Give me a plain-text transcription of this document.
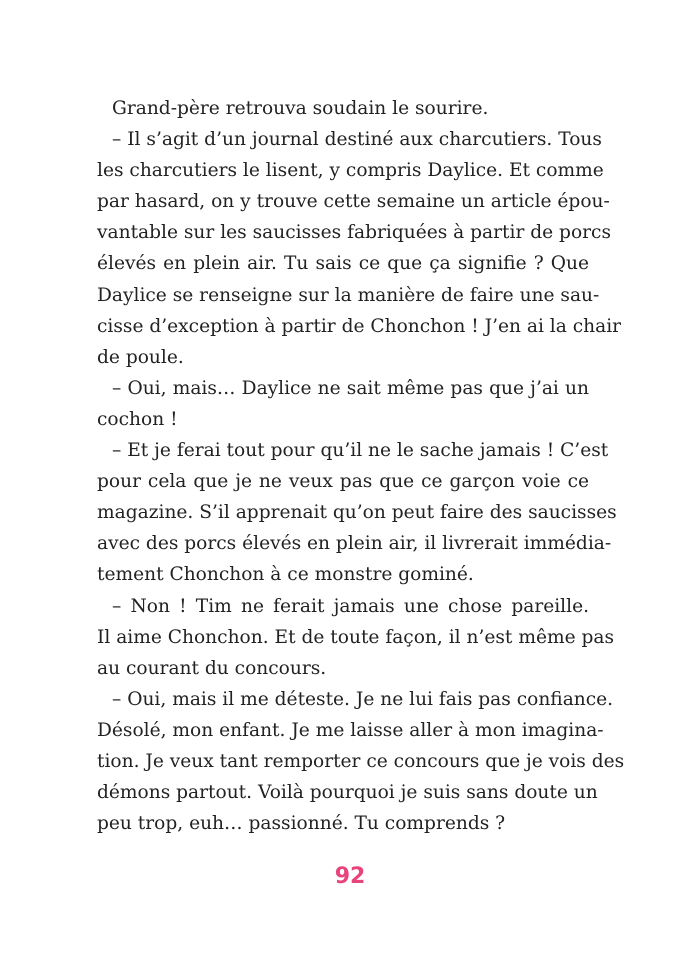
Grand-père retrouva soudain le sourire.
– Il s’agit d’un journal destiné aux charcutiers. Tous
les charcutiers le lisent, y compris Daylice. Et comme
par hasard, on y trouve cette semaine un article épou-
vantable sur les saucisses fabriquées à partir de porcs
élevés en plein air. Tu sais ce que ça signifie ? Que
Daylice se renseigne sur la manière de faire une sau-
cisse d’exception à partir de Chonchon ! J’en ai la chair
de poule.
– Oui, mais… Daylice ne sait même pas que j’ai un
cochon !
– Et je ferai tout pour qu’il ne le sache jamais ! C’est
pour cela que je ne veux pas que ce garçon voie ce
magazine. S’il apprenait qu’on peut faire des saucisses
avec des porcs élevés en plein air, il livrerait immédia-
tement Chonchon à ce monstre gominé.
– Non ! Tim ne ferait jamais une chose pareille.
Il aime Chonchon. Et de toute façon, il n’est même pas
au courant du concours.
– Oui, mais il me déteste. Je ne lui fais pas confiance.
Désolé, mon enfant. Je me laisse aller à mon imagina-
tion. Je veux tant remporter ce concours que je vois des
démons partout. Voilà pourquoi je suis sans doute un
peu trop, euh… passionné. Tu comprends ?
92
